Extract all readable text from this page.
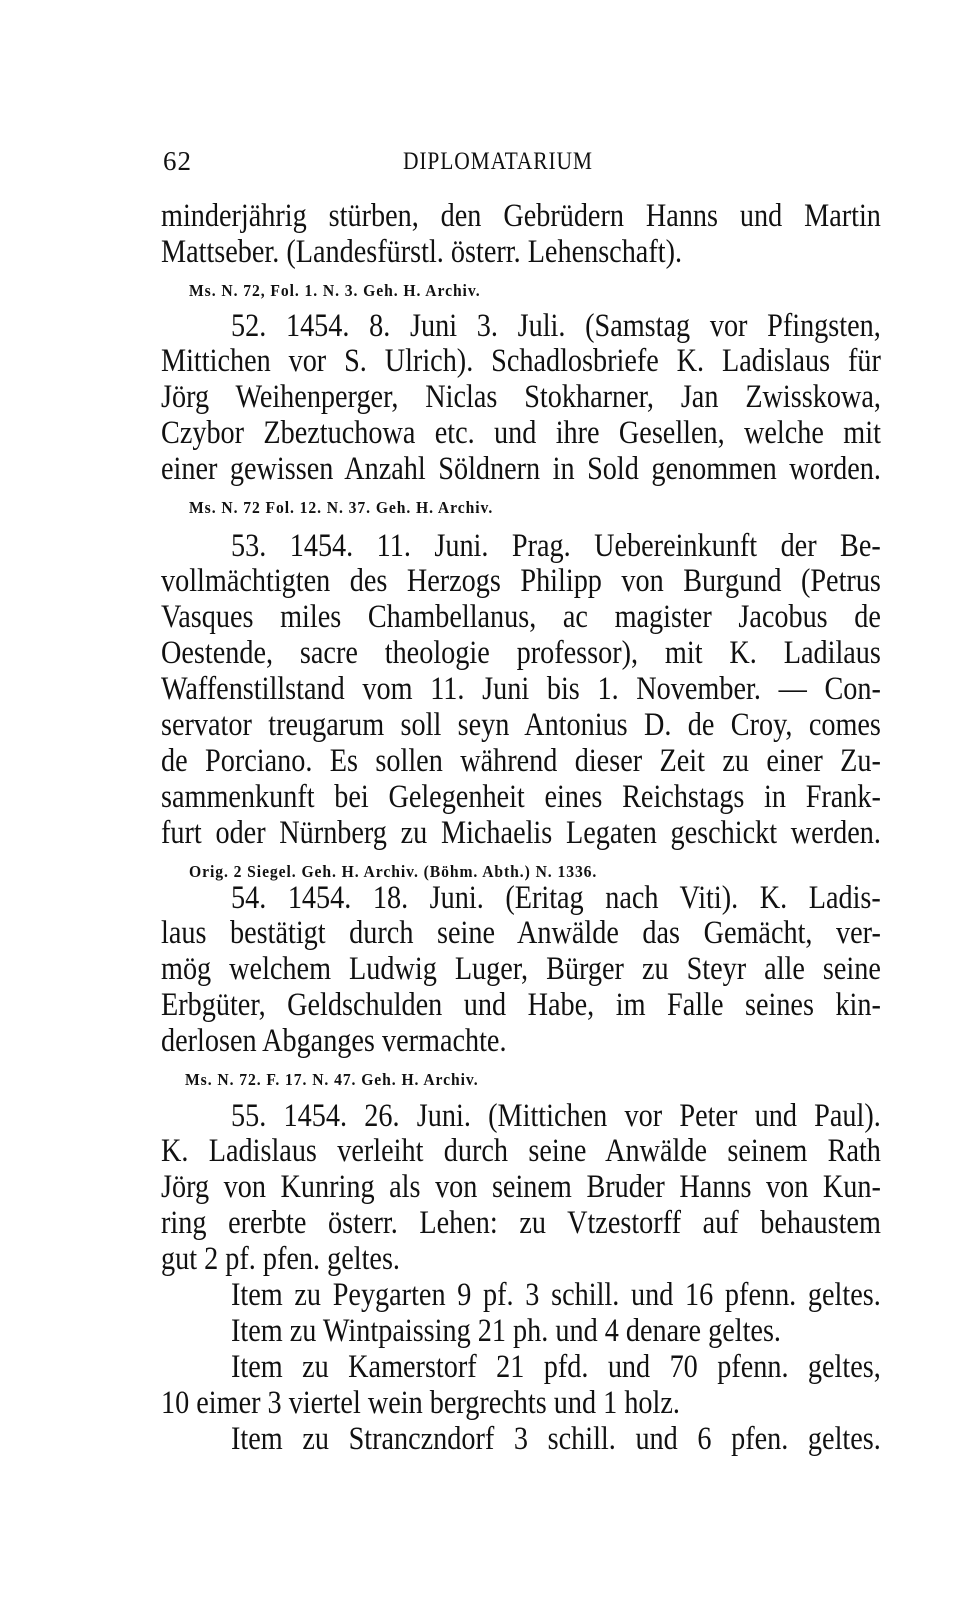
62	DIPLOMATARIUM
minderjährig stürben, den Gebrüdern Hanns und Martin
Mattseber. (Landesfürstl. österr. Lehenschaft).
Ms. N. 72, Fol. 1. N. 3. Geh. H. Archiv.
52. 1454. 8. Juni 3. Juli. (Samstag vor Pfingsten,
Mittichen vor S. Ulrich). Schadlosbriefe K. Ladislaus für
Jörg Weihenperger, Niclas Stokharner, Jan Zwisskowa,
Czybor Zbeztuchowa etc. und ihre Gesellen, welche mit
einer gewissen Anzahl Söldnern in Sold genommen worden.
Ms. N. 72 Fol. 12. N. 37. Geh. H. Archiv.
53. 1454. 11. Juni. Prag. Uebereinkunft der Be-
vollmächtigten des Herzogs Philipp von Burgund (Petrus
Vasques miles Chambellanus, ac magister Jacobus de
Oestende, sacre theologie professor), mit K. Ladilaus
Waffenstillstand vom 11. Juni bis 1. November. — Con-
servator treugarum soll seyn Antonius D. de Croy, comes
de Porciano. Es sollen während dieser Zeit zu einer Zu-
sammenkunft bei Gelegenheit eines Reichstags in Frank-
furt oder Nürnberg zu Michaelis Legaten geschickt werden.
Orig. 2 Siegel. Geh. H. Archiv. (Böhm. Abth.) N. 1336.
54. 1454. 18. Juni. (Eritag nach Viti). K. Ladis-
laus bestätigt durch seine Anwälde das Gemächt, ver-
mög welchem Ludwig Luger, Bürger zu Steyr alle seine
Erbgüter, Geldschulden und Habe, im Falle seines kin-
derlosen Abganges vermachte.
Ms. N. 72. F. 17. N. 47. Geh. H. Archiv.
55. 1454. 26. Juni. (Mittichen vor Peter und Paul).
K. Ladislaus verleiht durch seine Anwälde seinem Rath
Jörg von Kunring als von seinem Bruder Hanns von Kun-
ring ererbte österr. Lehen: zu Vtzestorff auf behaustem
gut 2 pf. pfen. geltes.
Item zu Peygarten 9 pf. 3 schill. und 16 pfenn. geltes.
Item zu Wintpaissing 21 ph. und 4 denare geltes.
Item zu Kamerstorf 21 pfd. und 70 pfenn. geltes,
10 eimer 3 viertel wein bergrechts und 1 holz.
Item zu Stranczndorf 3 schill. und 6 pfen. geltes.
